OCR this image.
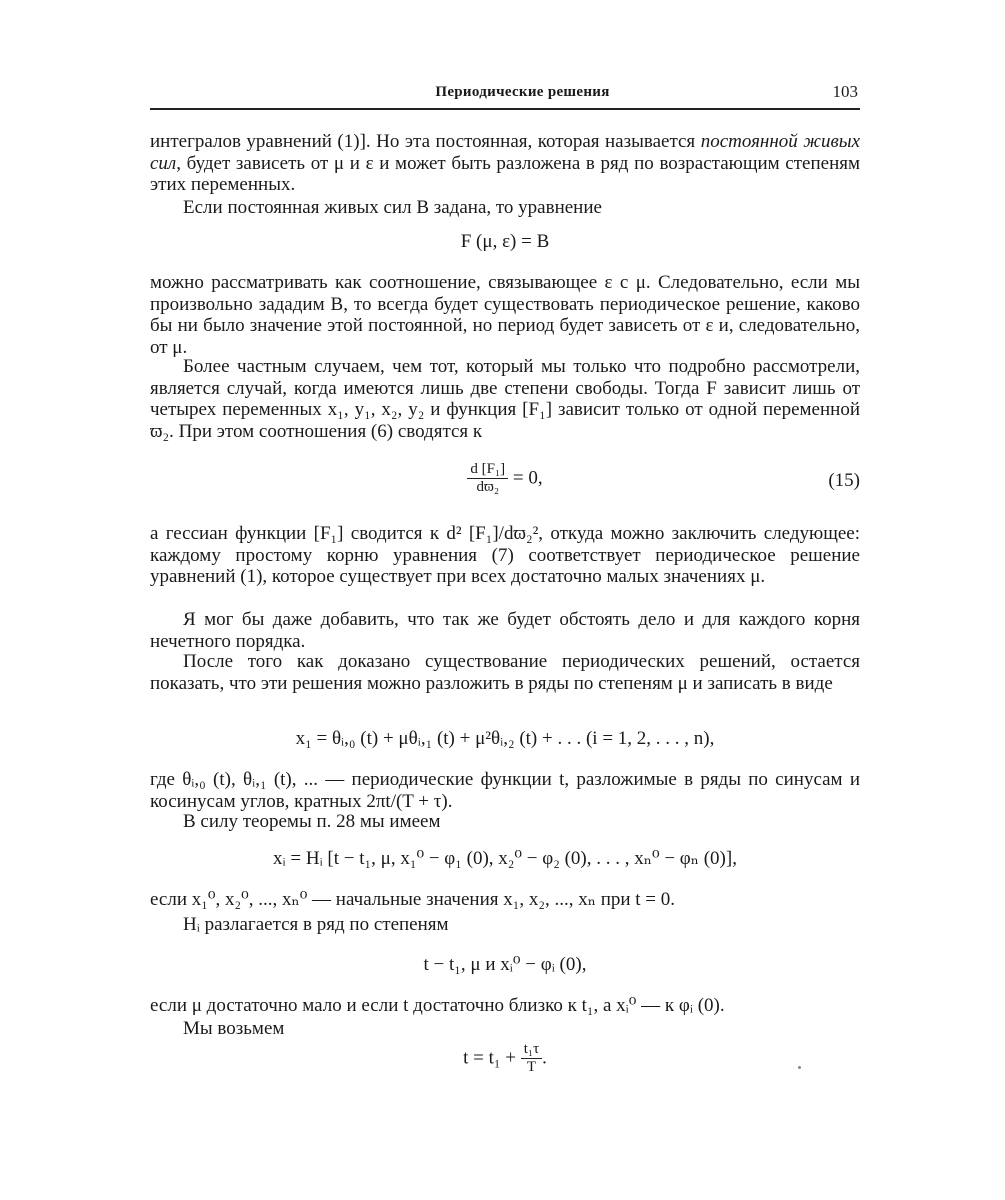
Периодические решения	103

интегралов уравнений (1)]. Но эта постоянная, которая называется постоянной живых сил, будет зависеть от μ и ε и может быть разложена в ряд по возрастающим степеням этих переменных.

Если постоянная живых сил B задана, то уравнение

F (μ, ε) = B

можно рассматривать как соотношение, связывающее ε с μ. Следовательно, если мы произвольно зададим B, то всегда будет существовать периодическое решение, каково бы ни было значение этой постоянной, но период будет зависеть от ε и, следовательно, от μ.

Более частным случаем, чем тот, который мы только что подробно рассмотрели, является случай, когда имеются лишь две степени свободы. Тогда F зависит лишь от четырех переменных x₁, y₁, x₂, y₂ и функция [F₁] зависит только от одной переменной ϖ₂. При этом соотношения (6) сводятся к

$\frac{\text{d [F₁]}}{\text{dϖ₂}} = 0$,	(15)

а гессиан функции [F₁] сводится к d² [F₁]/dϖ₂², откуда можно заключить следующее: каждому простому корню уравнения (7) соответствует периодическое решение уравнений (1), которое существует при всех достаточно малых значениях μ.

Я мог бы даже добавить, что так же будет обстоять дело и для каждого корня нечетного порядка.

После того как доказано существование периодических решений, остается показать, что эти решения можно разложить в ряды по степеням μ и записать в виде

x₁ = θᵢ,₀ (t) + μθᵢ,₁ (t) + μ²θᵢ,₂ (t) + . . . (i = 1, 2, . . . , n),

где θᵢ,₀ (t), θᵢ,₁ (t), ... — периодические функции t, разложимые в ряды по синусам и косинусам углов, кратных 2πt/(T + τ).

В силу теоремы п. 28 мы имеем

xᵢ = Hᵢ [t − t₁, μ, x₁⁰ − φ₁ (0), x₂⁰ − φ₂ (0), . . . , xₙ⁰ − φₙ (0)],

если x₁⁰, x₂⁰, ..., xₙ⁰ — начальные значения x₁, x₂, ..., xₙ при t = 0.

Hᵢ разлагается в ряд по степеням

t − t₁, μ и xᵢ⁰ − φᵢ (0),

если μ достаточно мало и если t достаточно близко к t₁, а xᵢ⁰ — к φᵢ (0).

Мы возьмем

$t = t_1 + \frac{\text{t₁τ}}{T}$ .
